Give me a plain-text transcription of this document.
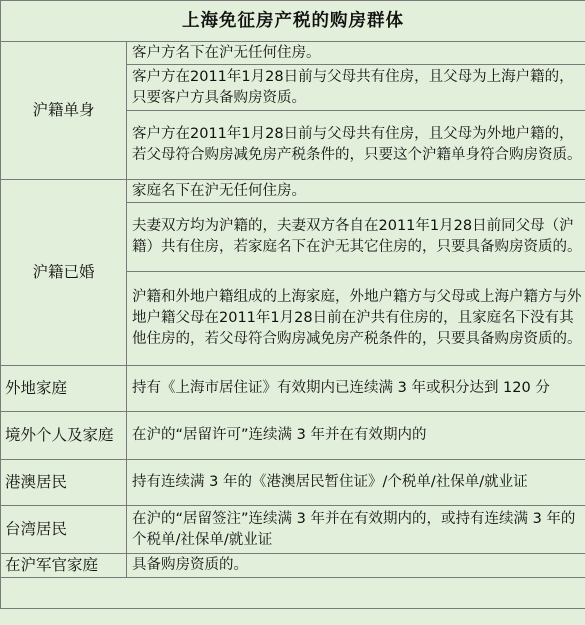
上海免征房产税的购房群体	
沪籍单身	客户方名下在沪无任何住房。
	客户方在2011年1月28日前与父母共有住房，且父母为上海户籍的，只要客户方具备购房资质。
	客户方在2011年1月28日前与父母共有住房，且父母为外地户籍的，若父母符合购房减免房产税条件的，只要这个沪籍单身符合购房资质。
沪籍已婚	家庭名下在沪无任何住房。
	夫妻双方均为沪籍的，夫妻双方各自在2011年1月28日前同父母（沪籍）共有住房，若家庭名下在沪无其它住房的，只要具备购房资质的。
	沪籍和外地户籍组成的上海家庭，外地户籍方与父母或上海户籍方与外地户籍父母在2011年1月28日前在沪共有住房的，且家庭名下没有其他住房的，若父母符合购房减免房产税条件的，只要具备购房资质的。
外地家庭	持有《上海市居住证》有效期内已连续满 3 年或积分达到 120 分
境外个人及家庭	在沪的“居留许可”连续满 3 年并在有效期内的
港澳居民	持有连续满 3 年的《港澳居民暂住证》/个税单/社保单/就业证
台湾居民	在沪的“居留签注”连续满 3 年并在有效期内的，或持有连续满 3 年的个税单/社保单/就业证
在沪军官家庭	具备购房资质的。
